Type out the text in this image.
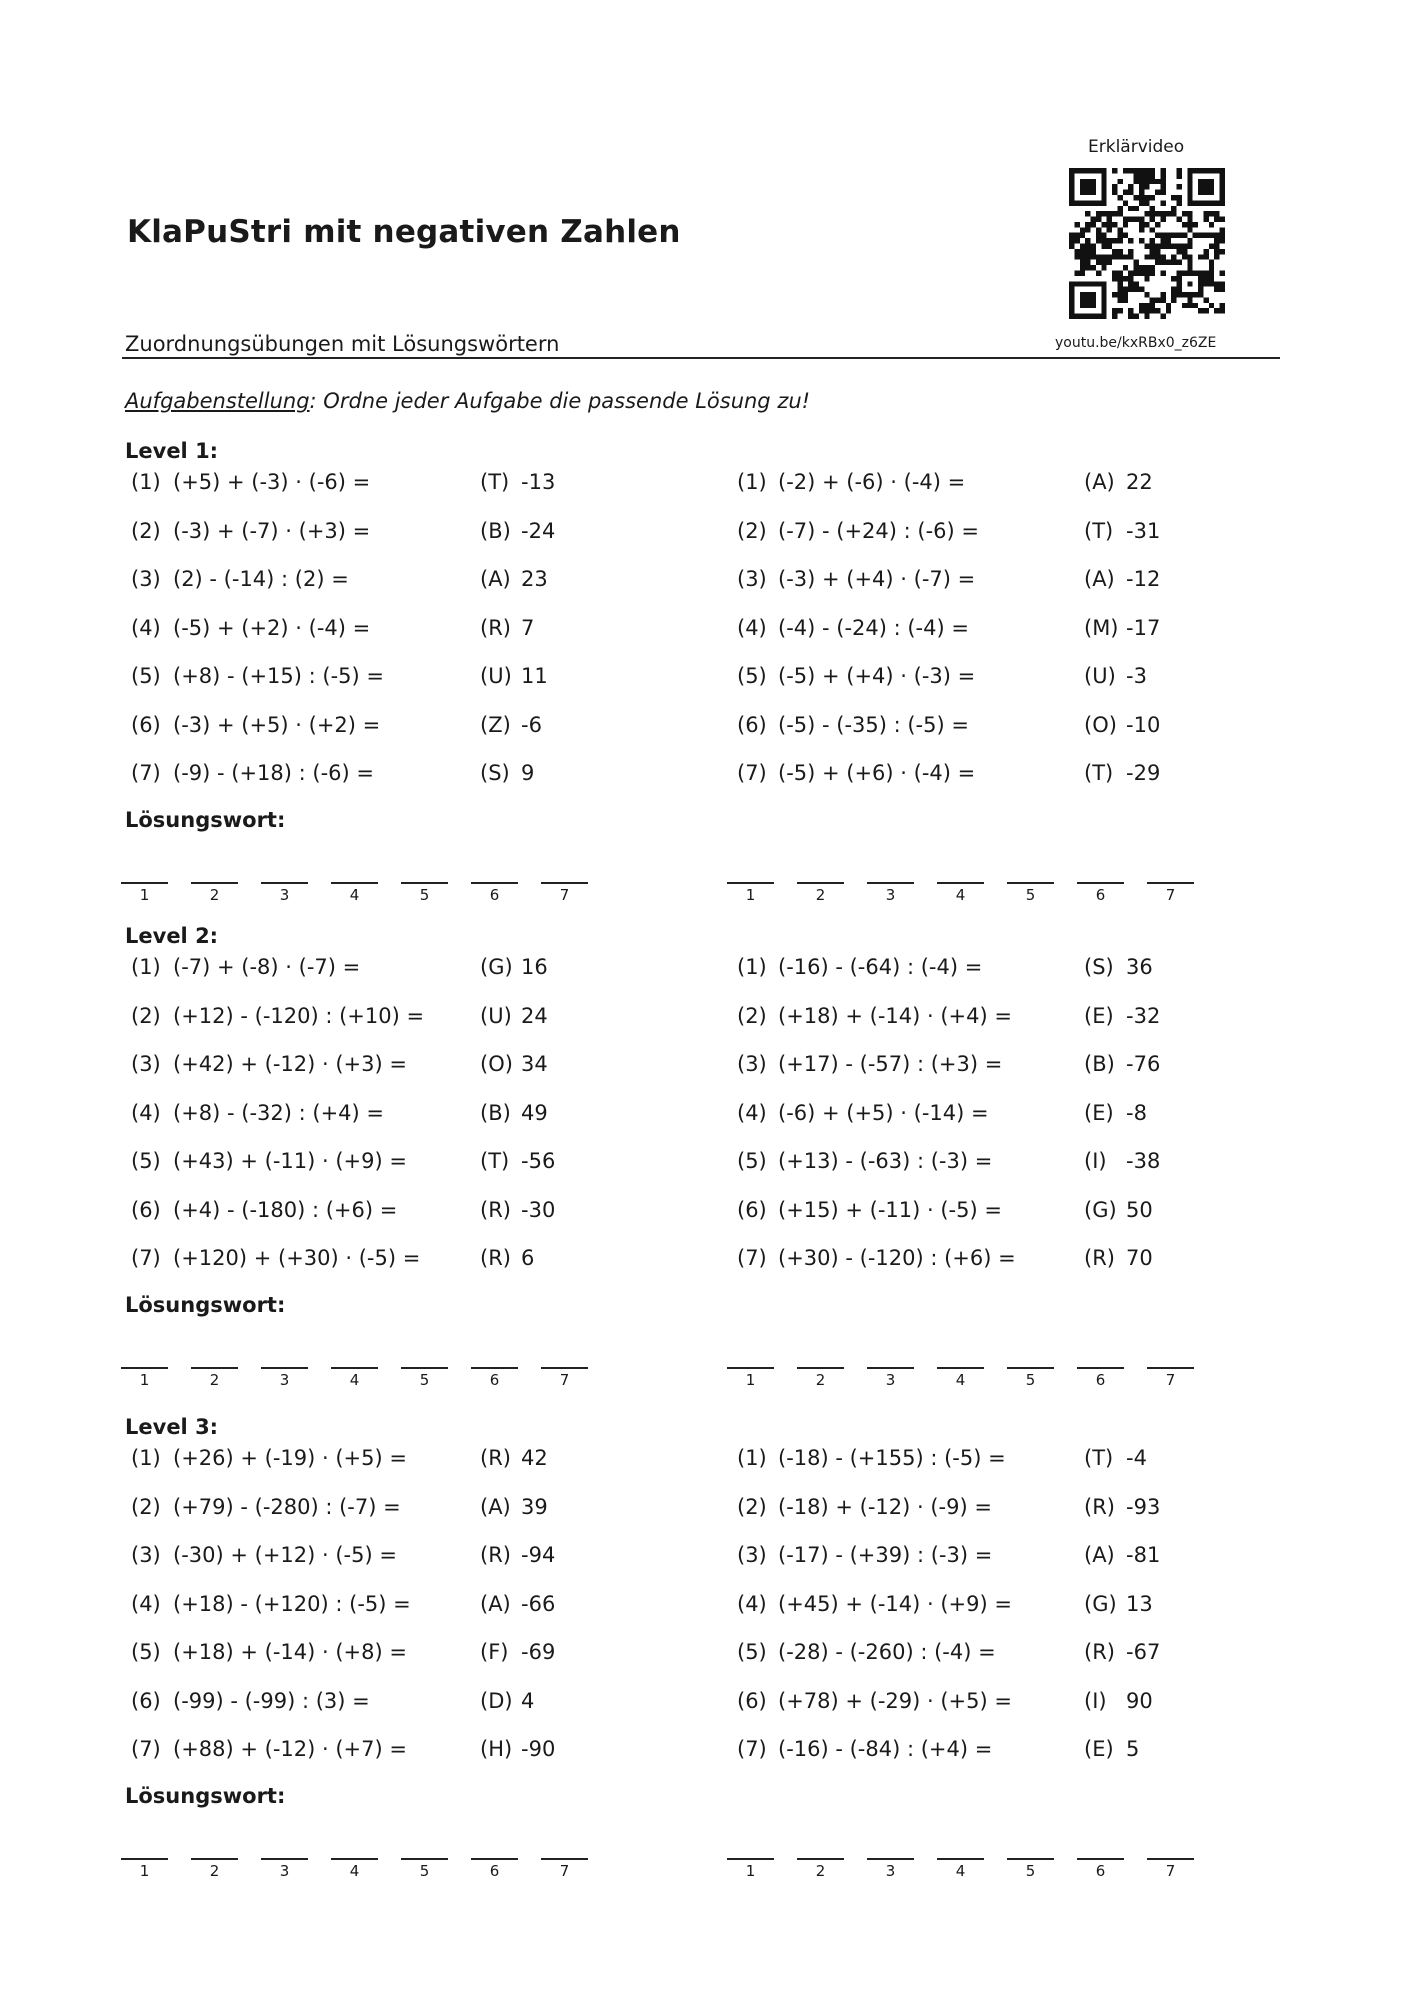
KlaPuStri mit negativen Zahlen
Zuordnungsübungen mit Lösungswörtern
Erklärvideo
youtu.be/kxRBx0_z6ZE
Aufgabenstellung: Ordne jeder Aufgabe die passende Lösung zu!
Level 1:
(1) (+5) + (-3) · (-6) =	(T) -13
(2) (-3) + (-7) · (+3) =	(B) -24
(3) (2) - (-14) : (2) =	(A) 23
(4) (-5) + (+2) · (-4) =	(R) 7
(5) (+8) - (+15) : (-5) =	(U) 11
(6) (-3) + (+5) · (+2) =	(Z) -6
(7) (-9) - (+18) : (-6) =	(S) 9
Lösungswort:
1	2	3	4	5	6	7
(1) (-2) + (-6) · (-4) =	(A) 22
(2) (-7) - (+24) : (-6) =	(T) -31
(3) (-3) + (+4) · (-7) =	(A) -12
(4) (-4) - (-24) : (-4) =	(M) -17
(5) (-5) + (+4) · (-3) =	(U) -3
(6) (-5) - (-35) : (-5) =	(O) -10
(7) (-5) + (+6) · (-4) =	(T) -29
1	2	3	4	5	6	7
Level 2:
(1) (-7) + (-8) · (-7) =	(G) 16
(2) (+12) - (-120) : (+10) =	(U) 24
(3) (+42) + (-12) · (+3) =	(O) 34
(4) (+8) - (-32) : (+4) =	(B) 49
(5) (+43) + (-11) · (+9) =	(T) -56
(6) (+4) - (-180) : (+6) =	(R) -30
(7) (+120) + (+30) · (-5) =	(R) 6
Lösungswort:
1	2	3	4	5	6	7
(1) (-16) - (-64) : (-4) =	(S) 36
(2) (+18) + (-14) · (+4) =	(E) -32
(3) (+17) - (-57) : (+3) =	(B) -76
(4) (-6) + (+5) · (-14) =	(E) -8
(5) (+13) - (-63) : (-3) =	(I) -38
(6) (+15) + (-11) · (-5) =	(G) 50
(7) (+30) - (-120) : (+6) =	(R) 70
1	2	3	4	5	6	7
Level 3:
(1) (+26) + (-19) · (+5) =	(R) 42
(2) (+79) - (-280) : (-7) =	(A) 39
(3) (-30) + (+12) · (-5) =	(R) -94
(4) (+18) - (+120) : (-5) =	(A) -66
(5) (+18) + (-14) · (+8) =	(F) -69
(6) (-99) - (-99) : (3) =	(D) 4
(7) (+88) + (-12) · (+7) =	(H) -90
Lösungswort:
1	2	3	4	5	6	7
(1) (-18) - (+155) : (-5) =	(T) -4
(2) (-18) + (-12) · (-9) =	(R) -93
(3) (-17) - (+39) : (-3) =	(A) -81
(4) (+45) + (-14) · (+9) =	(G) 13
(5) (-28) - (-260) : (-4) =	(R) -67
(6) (+78) + (-29) · (+5) =	(I) 90
(7) (-16) - (-84) : (+4) =	(E) 5
1	2	3	4	5	6	7
